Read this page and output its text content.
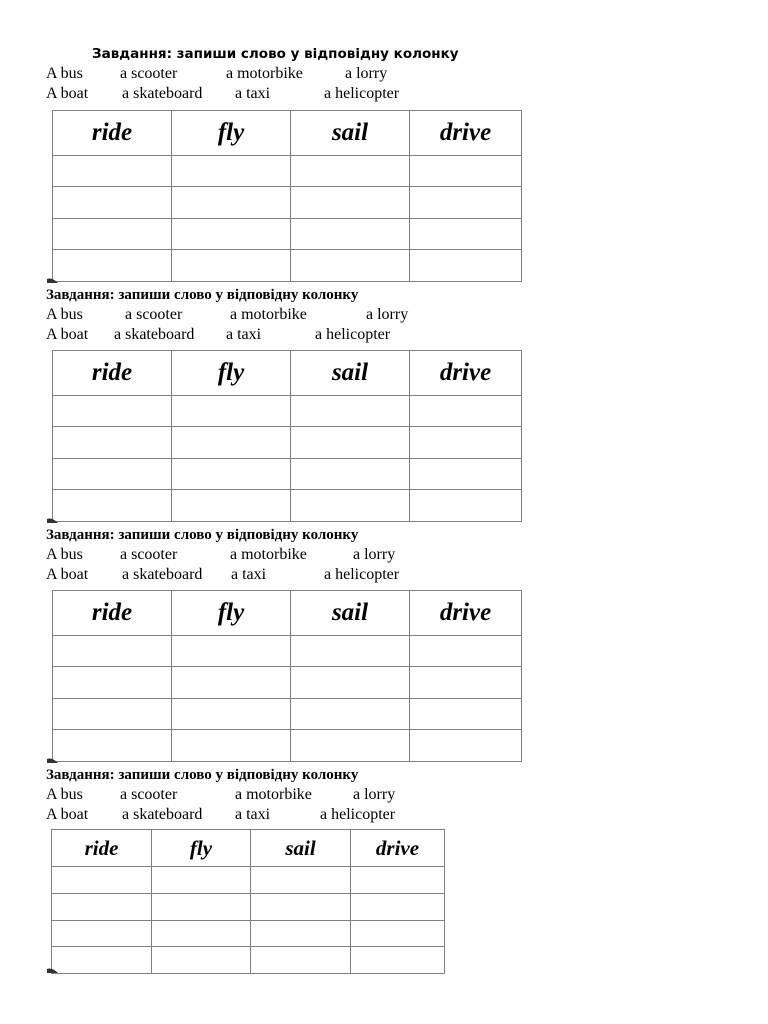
Завдання: запиши слово у відповідну колонку
A bus a scooter	a motorbike	a lorry
A boat a skateboard a taxi	a helicopter
ride	fly	sail	drive

Завдання: запиши слово у відповідну колонку
A bus	a scooter	a motorbike	a lorry
A boat a skateboard a taxi	a helicopter
ride	fly	sail	drive

Завдання: запиши слово у відповідну колонку
A bus a scooter	a motorbike	a lorry
A boat a skateboard a taxi	a helicopter
ride	fly	sail	drive

Завдання: запиши слово у відповідну колонку
A bus a scooter	a motorbike	a lorry
A boat a skateboard a taxi	a helicopter
ride	fly	sail	drive
